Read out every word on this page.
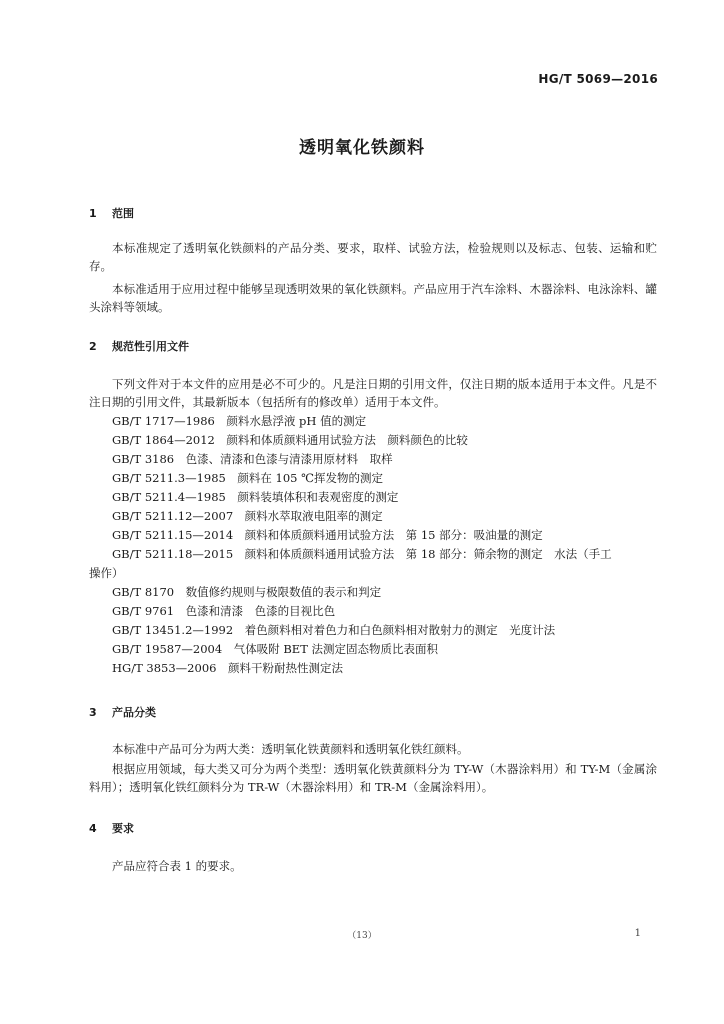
HG/T 5069—2016
透明氧化铁颜料
1 范围
本标准规定了透明氧化铁颜料的产品分类、要求，取样、试验方法，检验规则以及标志、包装、运输和贮存。
本标准适用于应用过程中能够呈现透明效果的氧化铁颜料。产品应用于汽车涂料、木器涂料、电泳涂料、罐头涂料等领域。
2 规范性引用文件
下列文件对于本文件的应用是必不可少的。凡是注日期的引用文件，仅注日期的版本适用于本文件。凡是不注日期的引用文件，其最新版本（包括所有的修改单）适用于本文件。
GB/T 1717—1986　颜料水悬浮液 pH 值的测定
GB/T 1864—2012　颜料和体质颜料通用试验方法　颜料颜色的比较
GB/T 3186　色漆、清漆和色漆与清漆用原材料　取样
GB/T 5211.3—1985　颜料在 105 ℃挥发物的测定
GB/T 5211.4—1985　颜料装填体积和表观密度的测定
GB/T 5211.12—2007　颜料水萃取液电阻率的测定
GB/T 5211.15—2014　颜料和体质颜料通用试验方法　第 15 部分：吸油量的测定
GB/T 5211.18—2015　颜料和体质颜料通用试验方法　第 18 部分：筛余物的测定　水法（手工
操作）
GB/T 8170　数值修约规则与极限数值的表示和判定
GB/T 9761　色漆和清漆　色漆的目视比色
GB/T 13451.2—1992　着色颜料相对着色力和白色颜料相对散射力的测定　光度计法
GB/T 19587—2004　气体吸附 BET 法测定固态物质比表面积
HG/T 3853—2006　颜料干粉耐热性测定法
3 产品分类
本标准中产品可分为两大类：透明氧化铁黄颜料和透明氧化铁红颜料。
根据应用领域，每大类又可分为两个类型：透明氧化铁黄颜料分为 TY-W（木器涂料用）和 TY-M（金属涂料用）；透明氧化铁红颜料分为 TR-W（木器涂料用）和 TR-M（金属涂料用）。
4 要求
产品应符合表 1 的要求。
（13）	1
